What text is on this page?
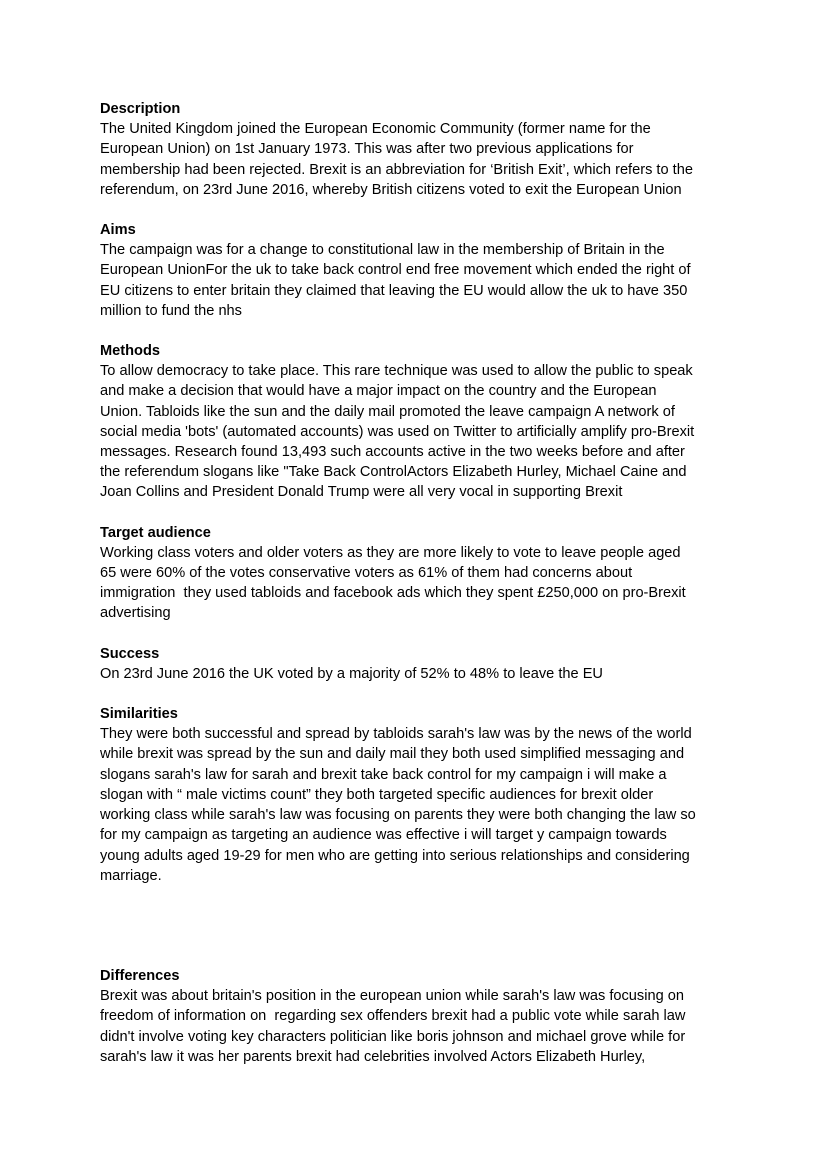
Description

The United Kingdom joined the European Economic Community (former name for the
European Union) on 1st January 1973. This was after two previous applications for
membership had been rejected. Brexit is an abbreviation for ‘British Exit’, which refers to the
referendum, on 23rd June 2016, whereby British citizens voted to exit the European Union

Aims

The campaign was for a change to constitutional law in the membership of Britain in the
European UnionFor the uk to take back control end free movement which ended the right of
EU citizens to enter britain they claimed that leaving the EU would allow the uk to have 350
million to fund the nhs

Methods

To allow democracy to take place. This rare technique was used to allow the public to speak
and make a decision that would have a major impact on the country and the European
Union. Tabloids like the sun and the daily mail promoted the leave campaign A network of
social media 'bots' (automated accounts) was used on Twitter to artificially amplify pro-Brexit
messages. Research found 13,493 such accounts active in the two weeks before and after
the referendum slogans like "Take Back ControlActors Elizabeth Hurley, Michael Caine and
Joan Collins and President Donald Trump were all very vocal in supporting Brexit

Target audience

Working class voters and older voters as they are more likely to vote to leave people aged
65 were 60% of the votes conservative voters as 61% of them had concerns about
immigration  they used tabloids and facebook ads which they spent £250,000 on pro-Brexit
advertising

Success

On 23rd June 2016 the UK voted by a majority of 52% to 48% to leave the EU

Similarities

They were both successful and spread by tabloids sarah's law was by the news of the world
while brexit was spread by the sun and daily mail they both used simplified messaging and
slogans sarah's law for sarah and brexit take back control for my campaign i will make a
slogan with “ male victims count” they both targeted specific audiences for brexit older
working class while sarah's law was focusing on parents they were both changing the law so
for my campaign as targeting an audience was effective i will target y campaign towards
young adults aged 19-29 for men who are getting into serious relationships and considering
marriage.

Differences

Brexit was about britain's position in the european union while sarah's law was focusing on
freedom of information on  regarding sex offenders brexit had a public vote while sarah law
didn't involve voting key characters politician like boris johnson and michael grove while for
sarah's law it was her parents brexit had celebrities involved Actors Elizabeth Hurley,
